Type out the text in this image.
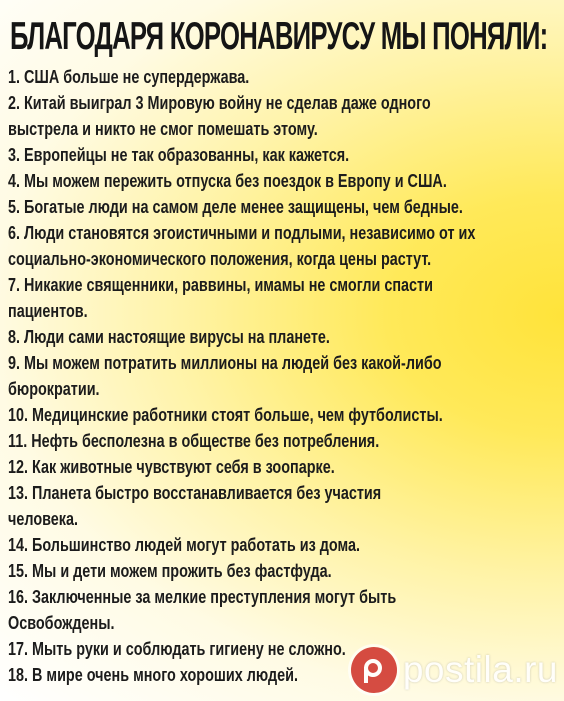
БЛАГОДАРЯ КОРОНАВИРУСУ МЫ ПОНЯЛИ:
1. США больше не супердержава.
2. Китай выиграл 3 Мировую войну не сделав даже одного
выстрела и никто не смог помешать этому.
3. Европейцы не так образованны, как кажется.
4. Мы можем пережить отпуска без поездок в Европу и США.
5. Богатые люди на самом деле менее защищены, чем бедные.
6. Люди становятся эгоистичными и подлыми, независимо от их
социально-экономического положения, когда цены растут.
7. Никакие священники, раввины, имамы не смогли спасти
пациентов.
8. Люди сами настоящие вирусы на планете.
9. Мы можем потратить миллионы на людей без какой-либо
бюрократии.
10. Медицинские работники стоят больше, чем футболисты.
11. Нефть бесполезна в обществе без потребления.
12. Как животные чувствуют себя в зоопарке.
13. Планета быстро восстанавливается без участия
человека.
14. Большинство людей могут работать из дома.
15. Мы и дети можем прожить без фастфуда.
16. Заключенные за мелкие преступления могут быть
Освобождены.
17. Мыть руки и соблюдать гигиену не сложно.
18. В мире очень много хороших людей.	postila.ru
